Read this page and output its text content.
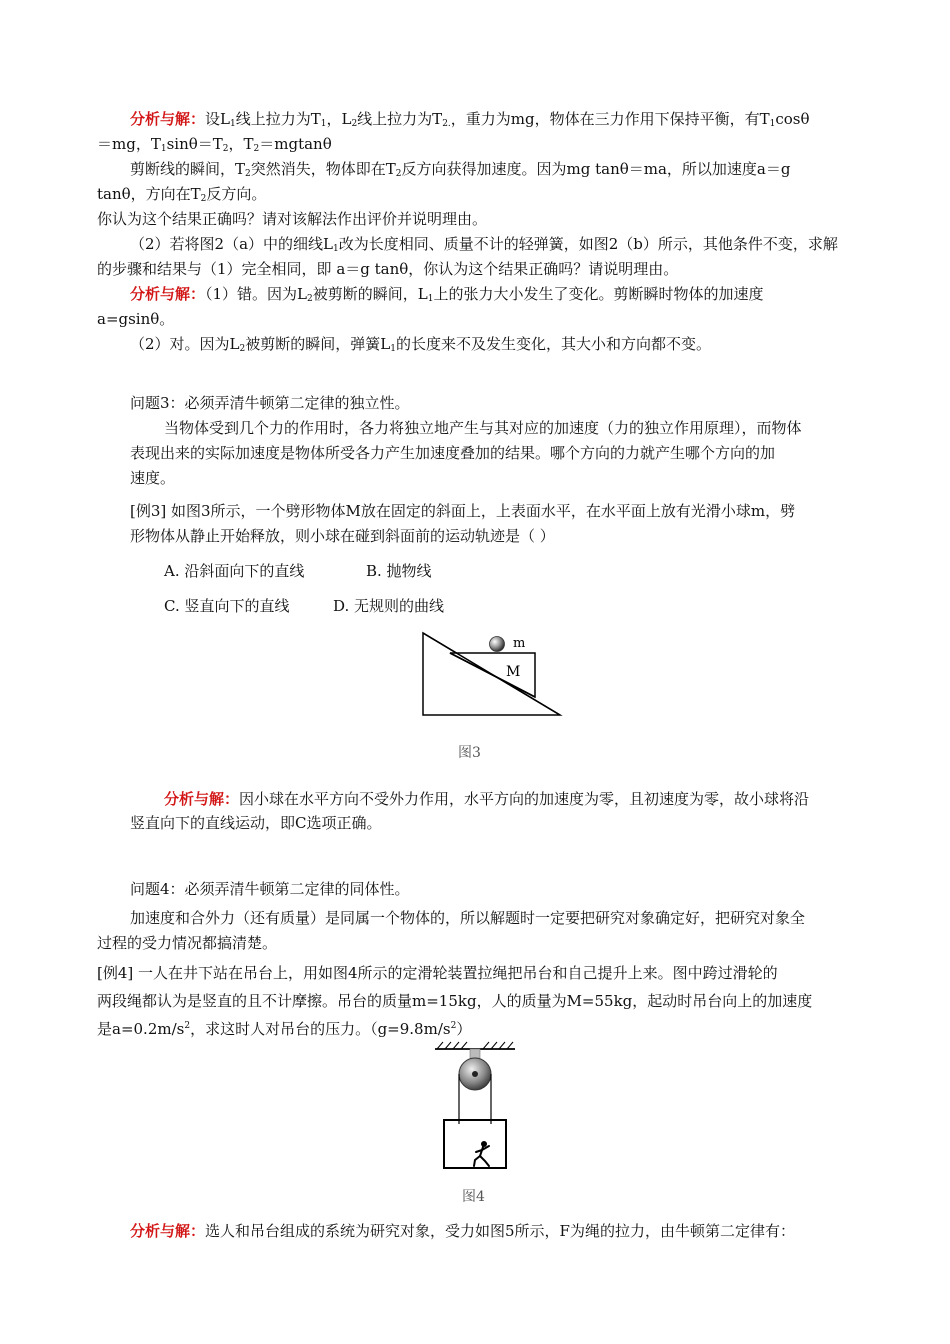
分析与解：设$L_1$线上拉力为$T_1$，$L_2$线上拉力为$T_{2.}$，重力为mg，物体在三力作用下保持平衡，有$T_1\cos\theta$
＝mg，$T_1\sin\theta=T_2$，$T_2=mgtan\theta$
剪断线的瞬间，$T_2$突然消失，物体即在$T_2$反方向获得加速度。因为mg tanθ＝ma，所以加速度a＝g
tanθ，方向在$T_2$反方向。
你认为这个结果正确吗？请对该解法作出评价并说明理由。
（2）若将图2（a）中的细线$L_1$改为长度相同、质量不计的轻弹簧，如图2（b）所示，其他条件不变，求解
的步骤和结果与（1）完全相同，即 a＝g tanθ，你认为这个结果正确吗？请说明理由。
分析与解：（1）错。因为$L_2$被剪断的瞬间，$L_1$上的张力大小发生了变化。剪断瞬时物体的加速度
a=gsinθ。
（2）对。因为$L_2$被剪断的瞬间，弹簧$L_1$的长度来不及发生变化，其大小和方向都不变。
问题3：必须弄清牛顿第二定律的独立性。
当物体受到几个力的作用时，各力将独立地产生与其对应的加速度（力的独立作用原理），而物体
表现出来的实际加速度是物体所受各力产生加速度叠加的结果。哪个方向的力就产生哪个方向的加
速度。
[例3] 如图3所示，一个劈形物体M放在固定的斜面上，上表面水平，在水平面上放有光滑小球m，劈
形物体从静止开始释放，则小球在碰到斜面前的运动轨迹是（ ）
A. 沿斜面向下的直线	B. 抛物线
C. 竖直向下的直线	D. 无规则的曲线
m
M
图3
分析与解：因小球在水平方向不受外力作用，水平方向的加速度为零，且初速度为零，故小球将沿
竖直向下的直线运动，即C选项正确。
问题4：必须弄清牛顿第二定律的同体性。
加速度和合外力（还有质量）是同属一个物体的，所以解题时一定要把研究对象确定好，把研究对象全
过程的受力情况都搞清楚。
[例4] 一人在井下站在吊台上，用如图4所示的定滑轮装置拉绳把吊台和自己提升上来。图中跨过滑轮的
两段绳都认为是竖直的且不计摩擦。吊台的质量m=15kg，人的质量为M=55kg，起动时吊台向上的加速度
是$a=0.2m/s^2$，求这时人对吊台的压力。$(g=9.8m/s^2)$
图4
分析与解：选人和吊台组成的系统为研究对象，受力如图5所示，F为绳的拉力，由牛顿第二定律有：
